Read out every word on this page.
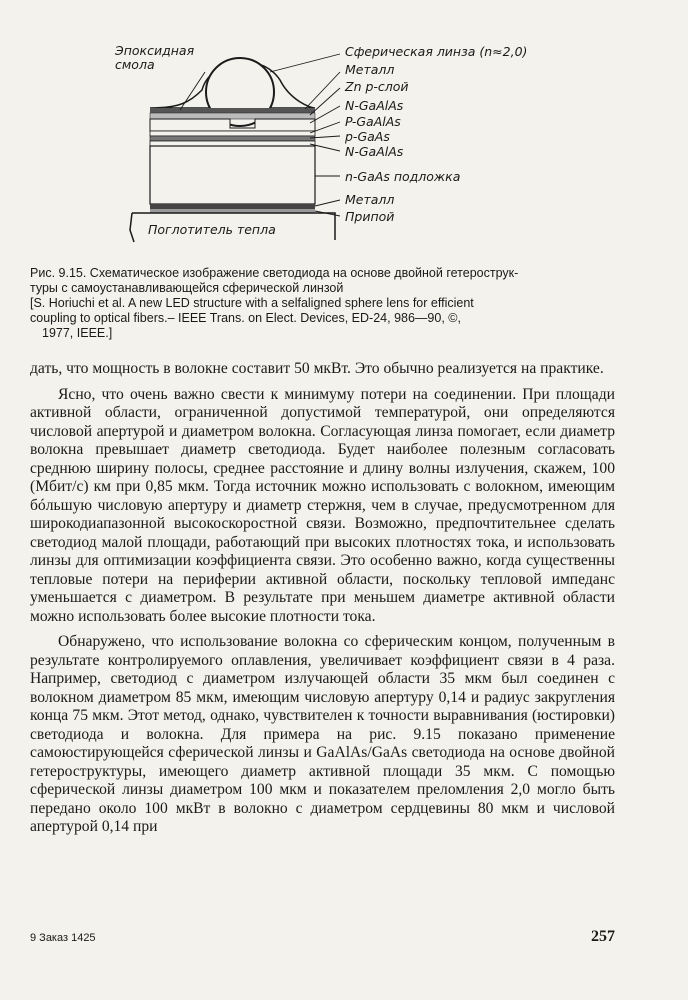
Эпоксидная смола
Сферическая линза (n≈2,0)
Металл
Zn p-слой
N-GaAlAs
P-GaAlAs
p-GaAs
N-GaAlAs
n-GaAs подложка
Металл
Припой
Поглотитель тепла

Рис. 9.15. Схематическое изображение светодиода на основе двойной гетерострук-

туры с самоустанавливающейся сферической линзой

[S. Horiuchi et al. A new LED structure with a selfaligned sphere lens for efficient

coupling to optical fibers.– IEEE Trans. on Elect. Devices, ED-24, 986—90, ©,

1977, IEEE.]

дать, что мощность в волокне составит 50 мкВт. Это обычно реализуется на практике.

Ясно, что очень важно свести к минимуму потери на соединении. При площади активной области, ограниченной допустимой температурой, они определяются числовой апертурой и диаметром волокна. Согласующая линза помогает, если диаметр волокна превышает диаметр светодиода. Будет наиболее полезным согласовать среднюю ширину полосы, среднее расстояние и длину волны излучения, скажем, 100 (Мбит/с) км при 0,85 мкм. Тогда источник можно использовать с волокном, имеющим бóльшую числовую апертуру и диаметр стержня, чем в случае, предусмотренном для широкодиапазонной высокоскоростной связи. Возможно, предпочтительнее сделать светодиод малой площади, работающий при высоких плотностях тока, и использовать линзы для оптимизации коэффициента связи. Это особенно важно, когда существенны тепловые потери на периферии активной области, поскольку тепловой импеданс уменьшается с диаметром. В результате при меньшем диаметре активной области можно использовать более высокие плотности тока.

Обнаружено, что использование волокна со сферическим концом, полученным в результате контролируемого оплавления, увеличивает коэффициент связи в 4 раза. Например, светодиод с диаметром излучающей области 35 мкм был соединен с волокном диаметром 85 мкм, имеющим числовую апертуру 0,14 и радиус закругления конца 75 мкм. Этот метод, однако, чувствителен к точности выравнивания (юстировки) светодиода и волокна. Для примера на рис. 9.15 показано применение самоюстирующейся сферической линзы и GaAlAs/GaAs светодиода на основе двойной гетероструктуры, имеющего диаметр активной площади 35 мкм. С помощью сферической линзы диаметром 100 мкм и показателем преломления 2,0 могло быть передано около 100 мкВт в волокно с диаметром сердцевины 80 мкм и числовой апертурой 0,14 при

9 Заказ 1425	257
